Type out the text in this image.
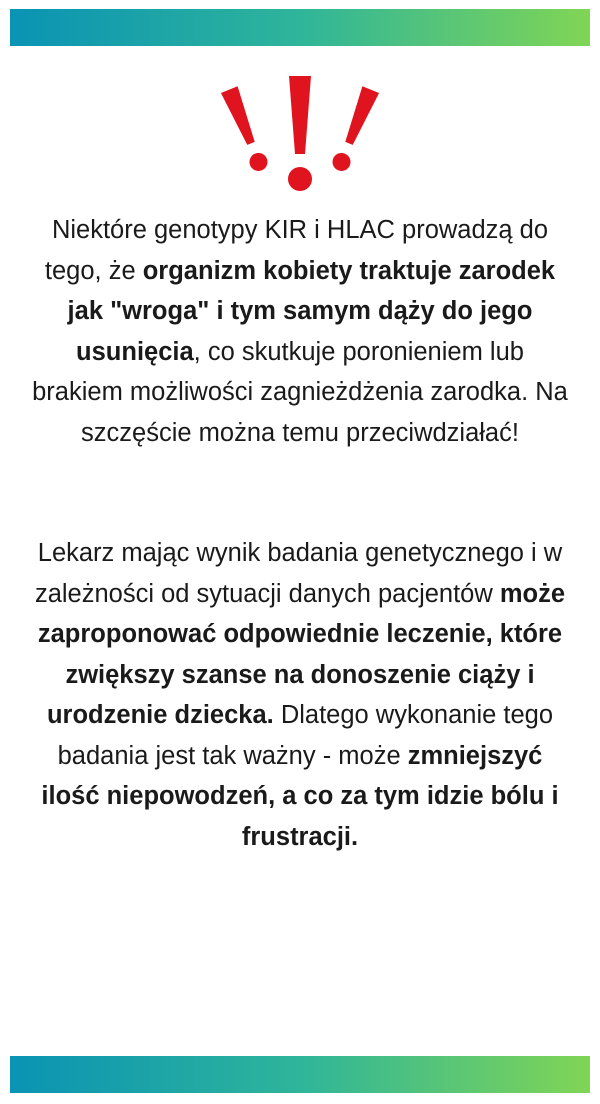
Niektóre genotypy KIR i HLAC prowadzą do tego, że organizm kobiety traktuje zarodek jak "wroga" i tym samym dąży do jego usunięcia, co skutkuje poronieniem lub brakiem możliwości zagnieżdżenia zarodka. Na szczęście można temu przeciwdziałać!

Lekarz mając wynik badania genetycznego i w zależności od sytuacji danych pacjentów może zaproponować odpowiednie leczenie, które zwiększy szanse na donoszenie ciąży i urodzenie dziecka. Dlatego wykonanie tego badania jest tak ważny - może zmniejszyć ilość niepowodzeń, a co za tym idzie bólu i frustracji.
